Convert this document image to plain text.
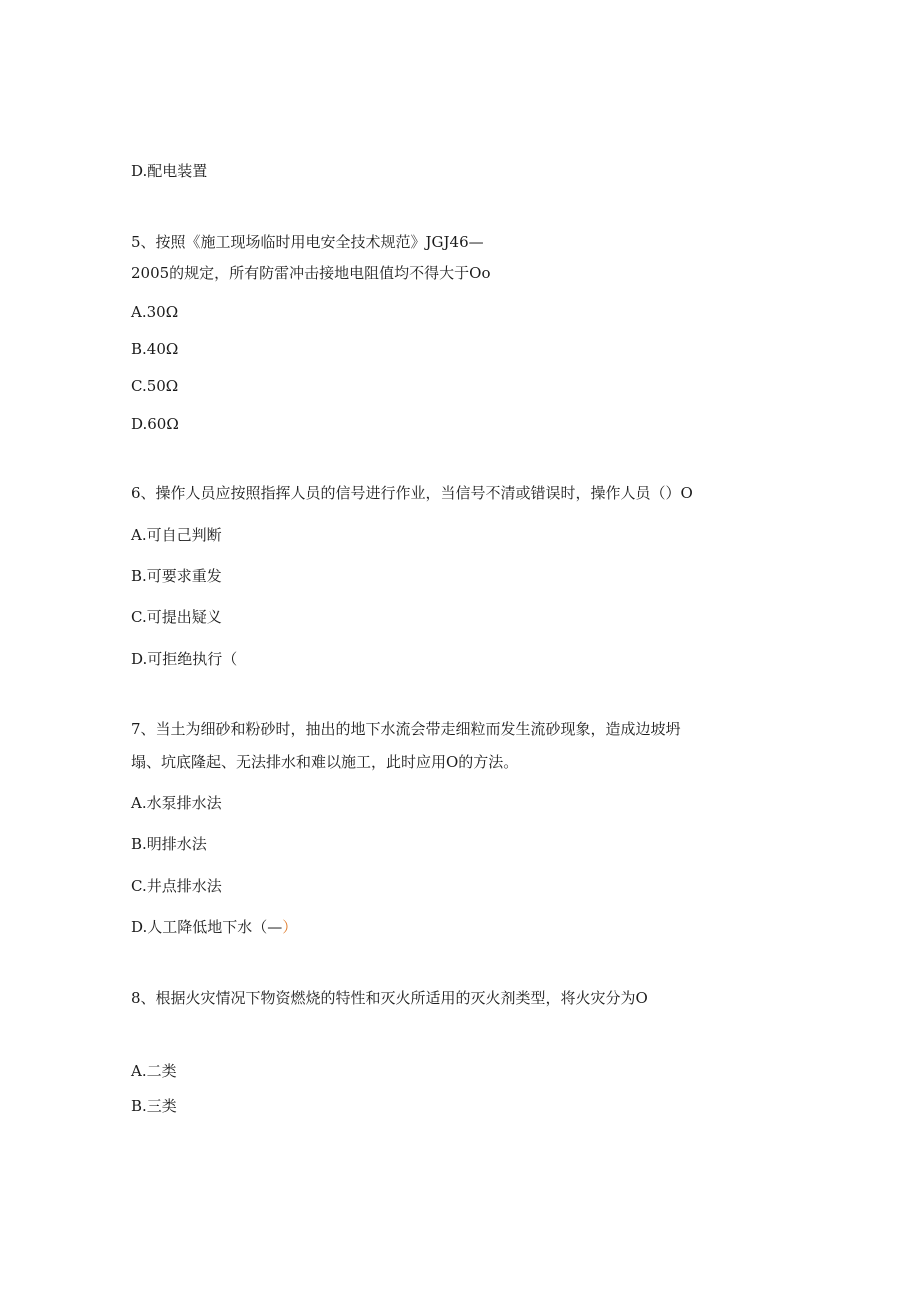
D.配电装置
5、按照《施工现场临时用电安全技术规范》JGJ46—
2005的规定，所有防雷冲击接地电阻值均不得大于Oo
A.30Ω
B.40Ω
C.50Ω
D.60Ω
6、操作人员应按照指挥人员的信号进行作业，当信号不清或错误时，操作人员（）O
A.可自己判断
B.可要求重发
C.可提出疑义
D.可拒绝执行（
7、当土为细砂和粉砂时，抽出的地下水流会带走细粒而发生流砂现象，造成边坡坍
塌、坑底隆起、无法排水和难以施工，此时应用O的方法。
A.水泵排水法
B.明排水法
C.井点排水法
D.人工降低地下水（—）
8、根据火灾情况下物资燃烧的特性和灭火所适用的灭火剂类型，将火灾分为O
A.二类
B.三类
